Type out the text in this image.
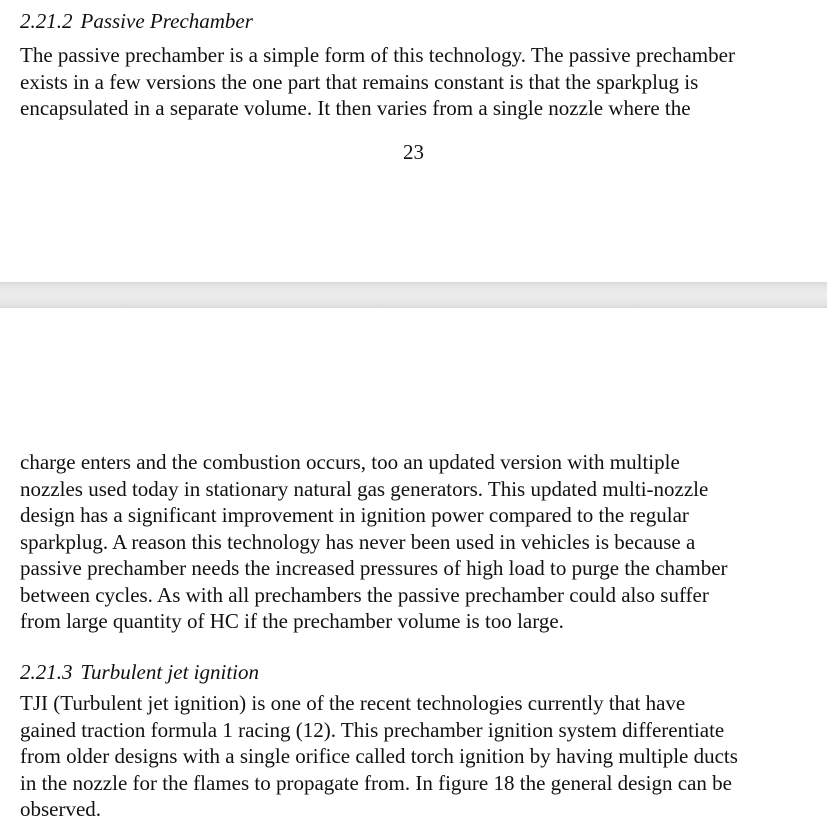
2.21.2 Passive Prechamber
The passive prechamber is a simple form of this technology. The passive prechamber
exists in a few versions the one part that remains constant is that the sparkplug is
encapsulated in a separate volume. It then varies from a single nozzle where the
23
charge enters and the combustion occurs, too an updated version with multiple
nozzles used today in stationary natural gas generators. This updated multi-nozzle
design has a significant improvement in ignition power compared to the regular
sparkplug. A reason this technology has never been used in vehicles is because a
passive prechamber needs the increased pressures of high load to purge the chamber
between cycles. As with all prechambers the passive prechamber could also suffer
from large quantity of HC if the prechamber volume is too large.
2.21.3 Turbulent jet ignition
TJI (Turbulent jet ignition) is one of the recent technologies currently that have
gained traction formula 1 racing (12). This prechamber ignition system differentiate
from older designs with a single orifice called torch ignition by having multiple ducts
in the nozzle for the flames to propagate from. In figure 18 the general design can be
observed.
